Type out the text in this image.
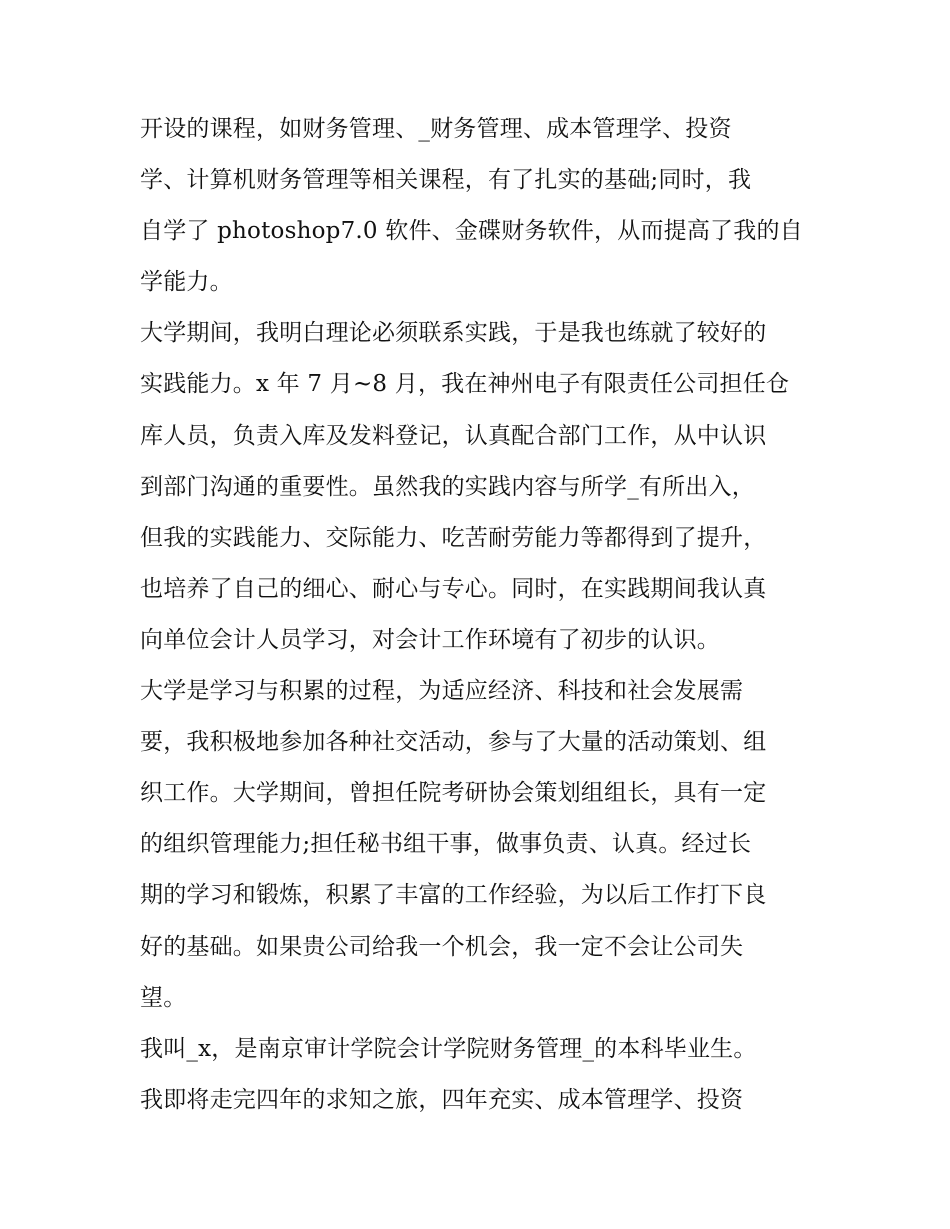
开设的课程，如财务管理、_财务管理、成本管理学、投资
学、计算机财务管理等相关课程，有了扎实的基础;同时，我
自学了 photoshop7.0 软件、金碟财务软件，从而提高了我的自
学能力。
大学期间，我明白理论必须联系实践，于是我也练就了较好的
实践能力。x 年 7 月~8 月，我在神州电子有限责任公司担任仓
库人员，负责入库及发料登记，认真配合部门工作，从中认识
到部门沟通的重要性。虽然我的实践内容与所学_有所出入，
但我的实践能力、交际能力、吃苦耐劳能力等都得到了提升，
也培养了自己的细心、耐心与专心。同时，在实践期间我认真
向单位会计人员学习，对会计工作环境有了初步的认识。
大学是学习与积累的过程，为适应经济、科技和社会发展需
要，我积极地参加各种社交活动，参与了大量的活动策划、组
织工作。大学期间，曾担任院考研协会策划组组长，具有一定
的组织管理能力;担任秘书组干事，做事负责、认真。经过长
期的学习和锻炼，积累了丰富的工作经验，为以后工作打下良
好的基础。如果贵公司给我一个机会，我一定不会让公司失
望。
我叫_x，是南京审计学院会计学院财务管理_的本科毕业生。
我即将走完四年的求知之旅，四年充实、成本管理学、投资
